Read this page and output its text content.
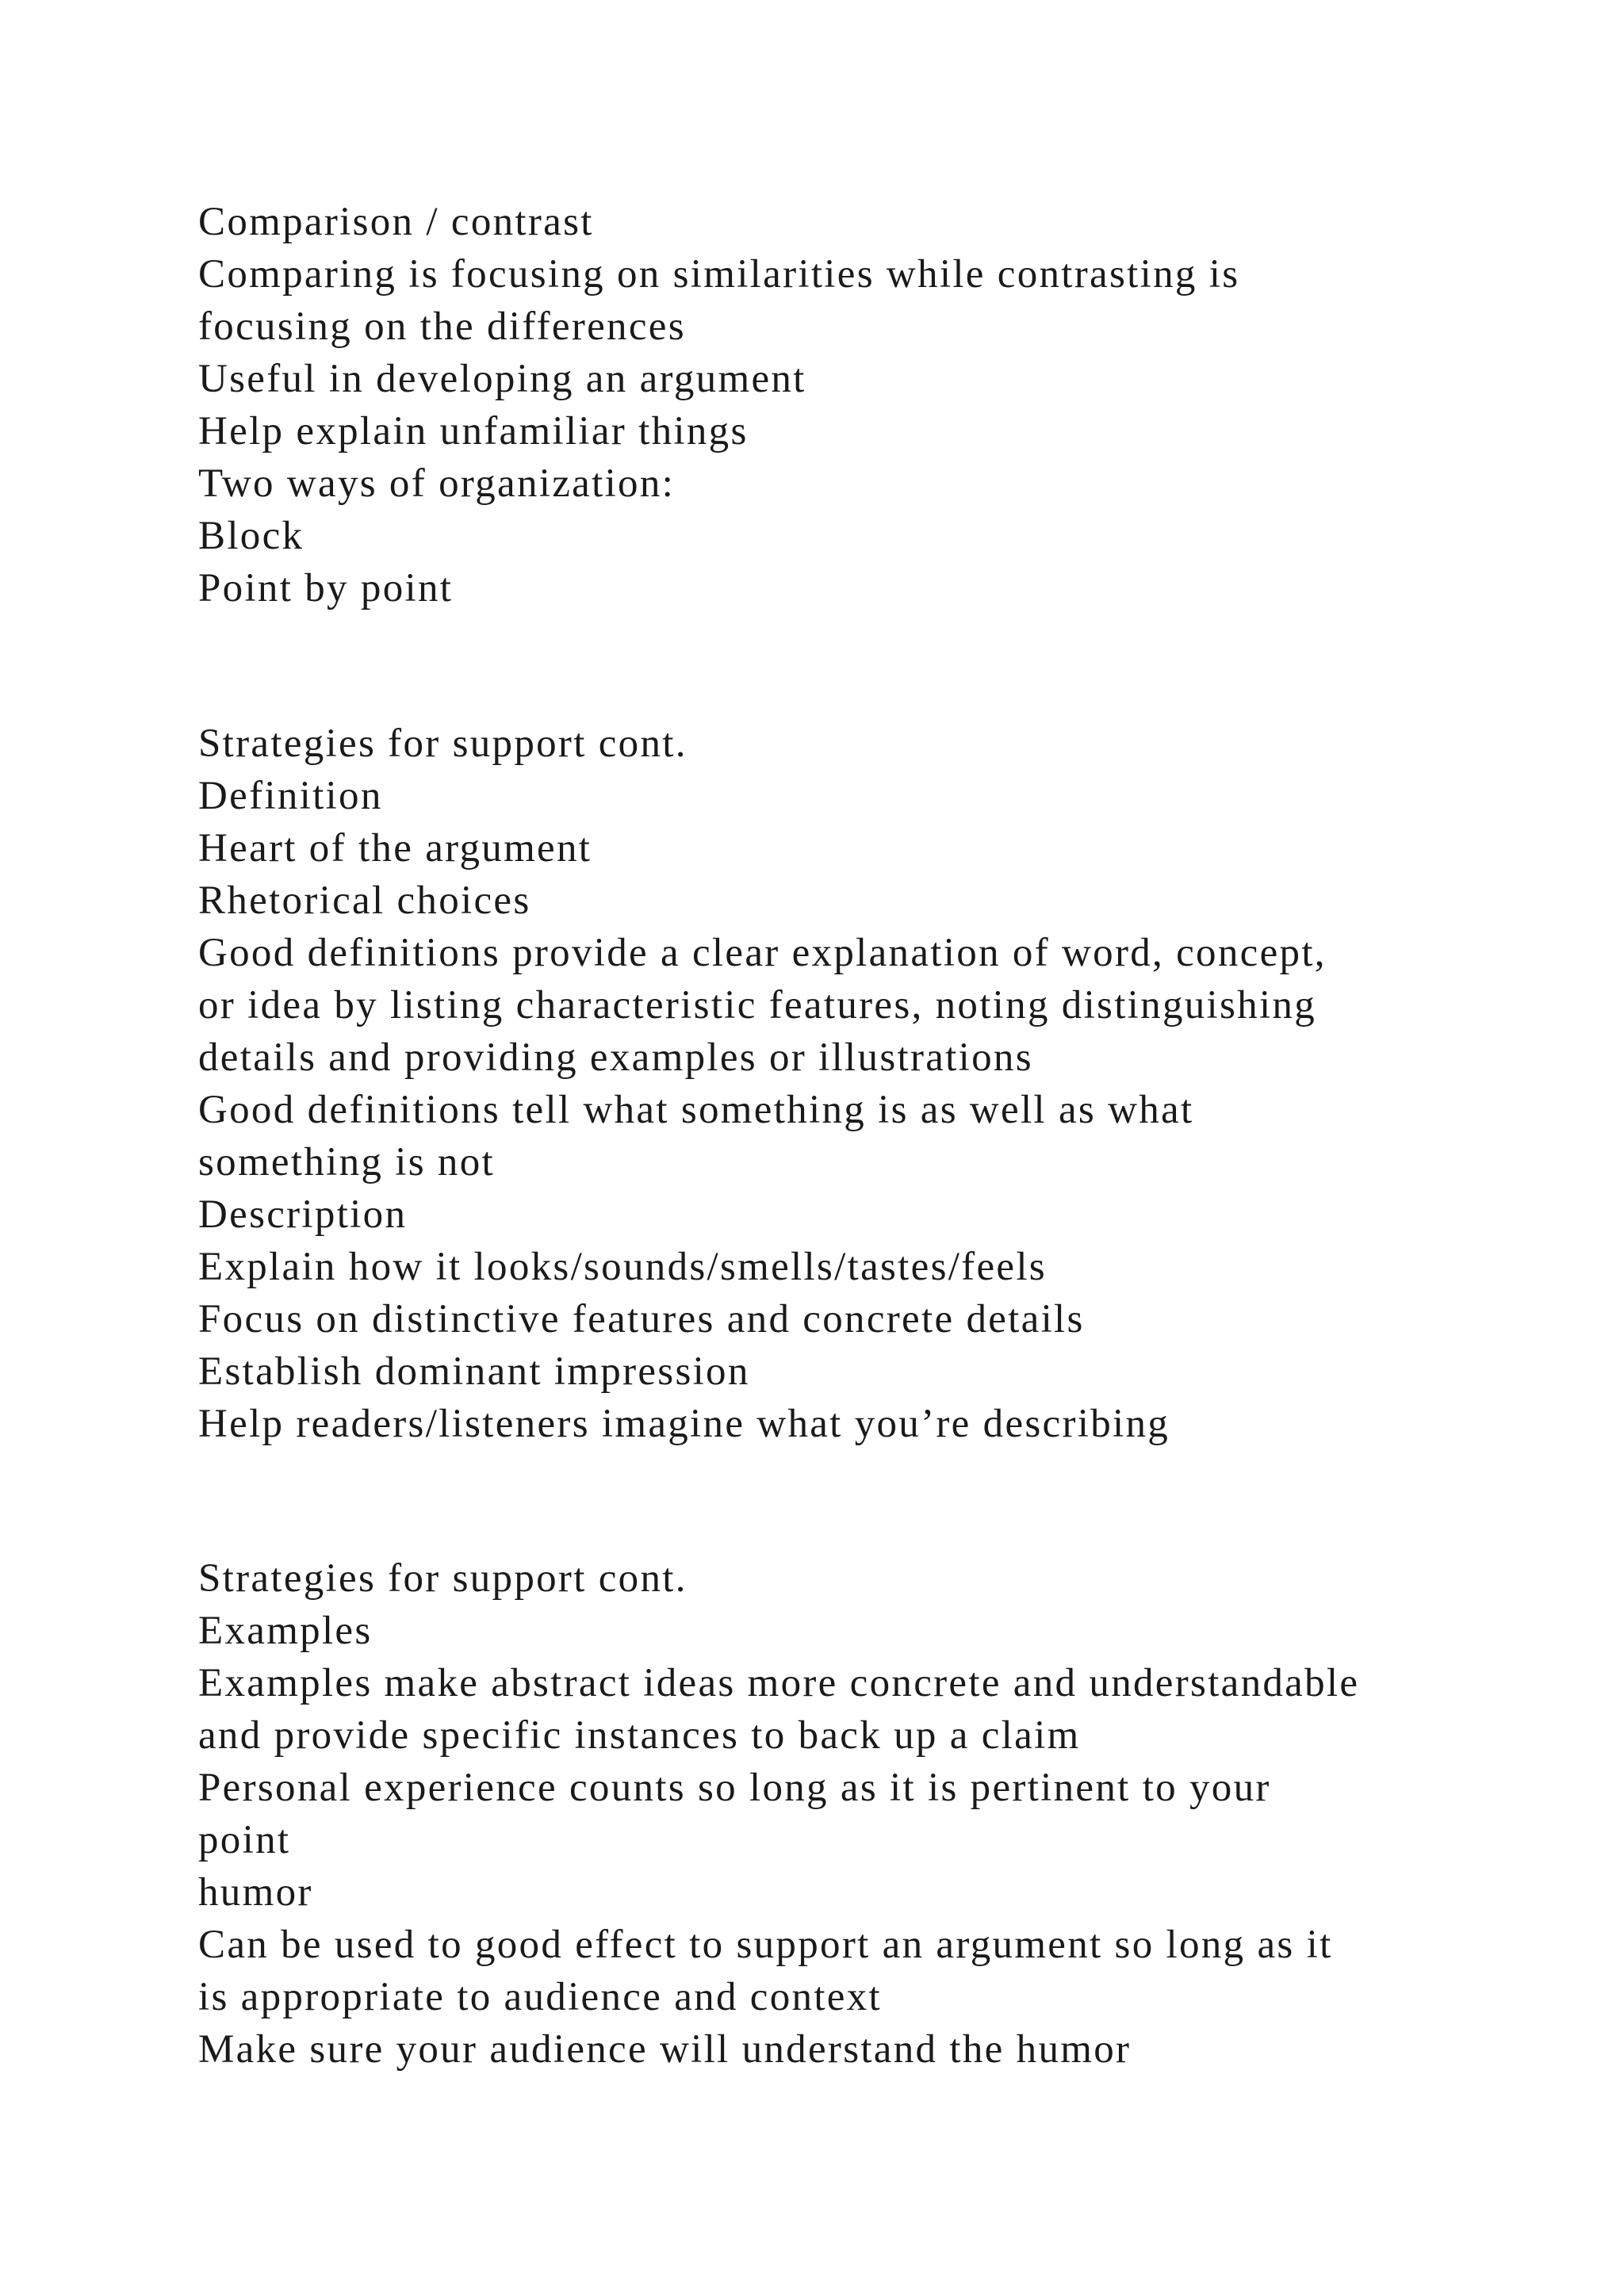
Comparison / contrast
Comparing is focusing on similarities while contrasting is
focusing on the differences
Useful in developing an argument
Help explain unfamiliar things
Two ways of organization:
Block
Point by point
Strategies for support cont.
Definition
Heart of the argument
Rhetorical choices
Good definitions provide a clear explanation of word, concept,
or idea by listing characteristic features, noting distinguishing
details and providing examples or illustrations
Good definitions tell what something is as well as what
something is not
Description
Explain how it looks/sounds/smells/tastes/feels
Focus on distinctive features and concrete details
Establish dominant impression
Help readers/listeners imagine what you’re describing
Strategies for support cont.
Examples
Examples make abstract ideas more concrete and understandable
and provide specific instances to back up a claim
Personal experience counts so long as it is pertinent to your
point
humor
Can be used to good effect to support an argument so long as it
is appropriate to audience and context
Make sure your audience will understand the humor
